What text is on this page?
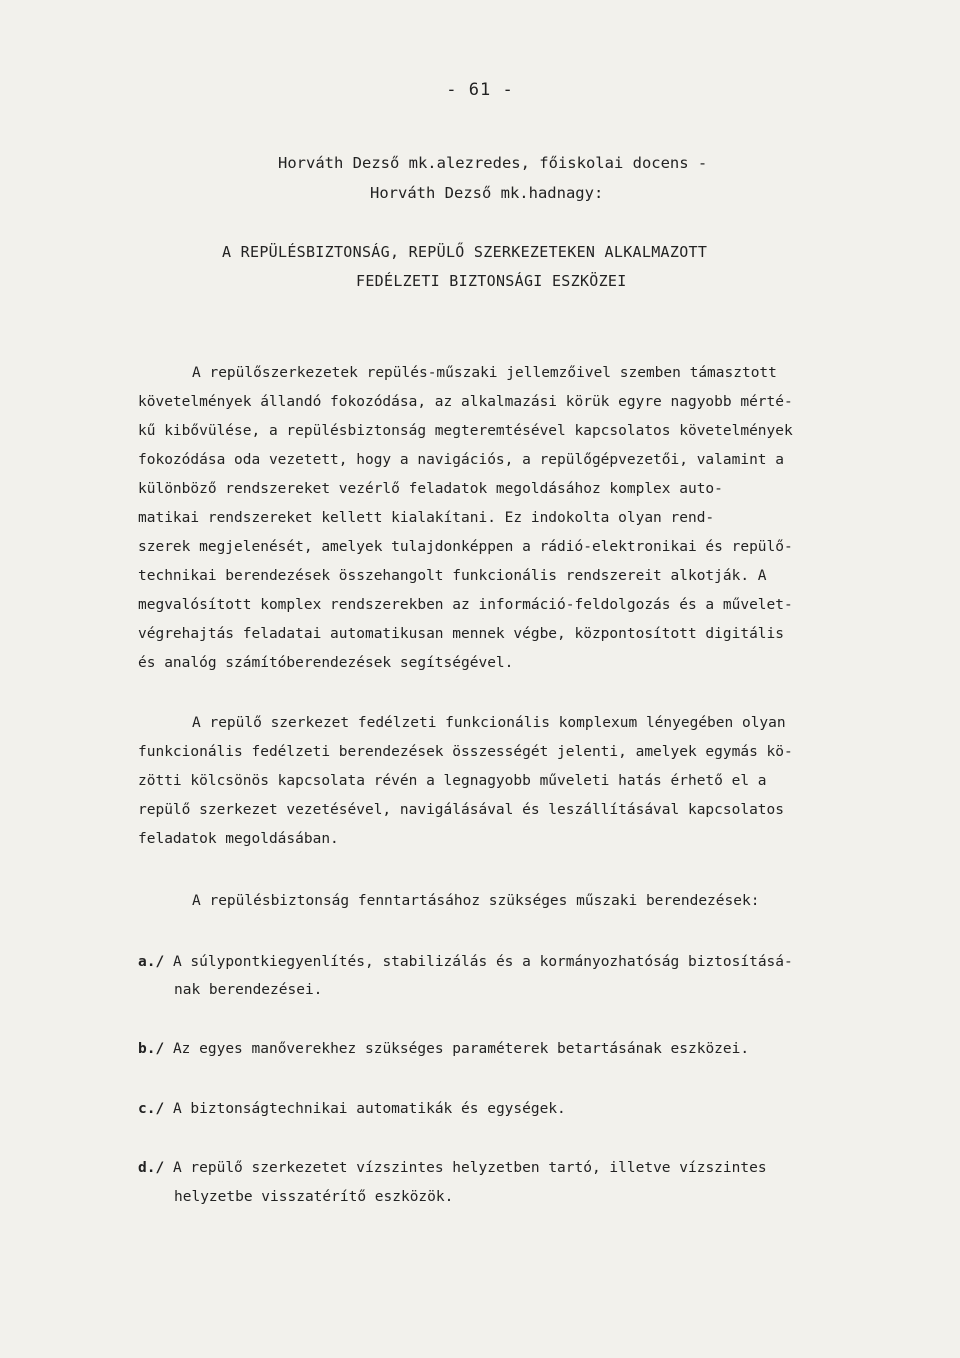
- 61 -
Horváth Dezső mk.alezredes, főiskolai docens -
Horváth Dezső mk.hadnagy:
A REPÜLÉSBIZTONSÁG, REPÜLŐ SZERKEZETEKEN ALKALMAZOTT
FEDÉLZETI BIZTONSÁGI ESZKÖZEI
A repülőszerkezetek repülés-műszaki jellemzőivel szemben támasztott
követelmények állandó fokozódása, az alkalmazási körük egyre nagyobb mérté-
kű kibővülése, a repülésbiztonság megteremtésével kapcsolatos követelmények
fokozódása oda vezetett, hogy a navigációs, a repülőgépvezetői, valamint a
különböző rendszereket vezérlő feladatok megoldásához komplex auto-
matikai rendszereket kellett kialakítani. Ez indokolta olyan rend-
szerek megjelenését, amelyek tulajdonképpen a rádió-elektronikai és repülő-
technikai berendezések összehangolt funkcionális rendszereit alkotják. A
megvalósított komplex rendszerekben az információ-feldolgozás és a művelet-
végrehajtás feladatai automatikusan mennek végbe, központosított digitális
és analóg számítóberendezések segítségével.
A repülő szerkezet fedélzeti funkcionális komplexum lényegében olyan
funkcionális fedélzeti berendezések összességét jelenti, amelyek egymás kö-
zötti kölcsönös kapcsolata révén a legnagyobb műveleti hatás érhető el a
repülő szerkezet vezetésével, navigálásával és leszállításával kapcsolatos
feladatok megoldásában.
A repülésbiztonság fenntartásához szükséges műszaki berendezések:
a./ A súlypontkiegyenlítés, stabilizálás és a kormányozhatóság biztosításá-
nak berendezései.
b./ Az egyes manőverekhez szükséges paraméterek betartásának eszközei.
c./ A biztonságtechnikai automatikák és egységek.
d./ A repülő szerkezetet vízszintes helyzetben tartó, illetve vízszintes
helyzetbe visszatérítő eszközök.
